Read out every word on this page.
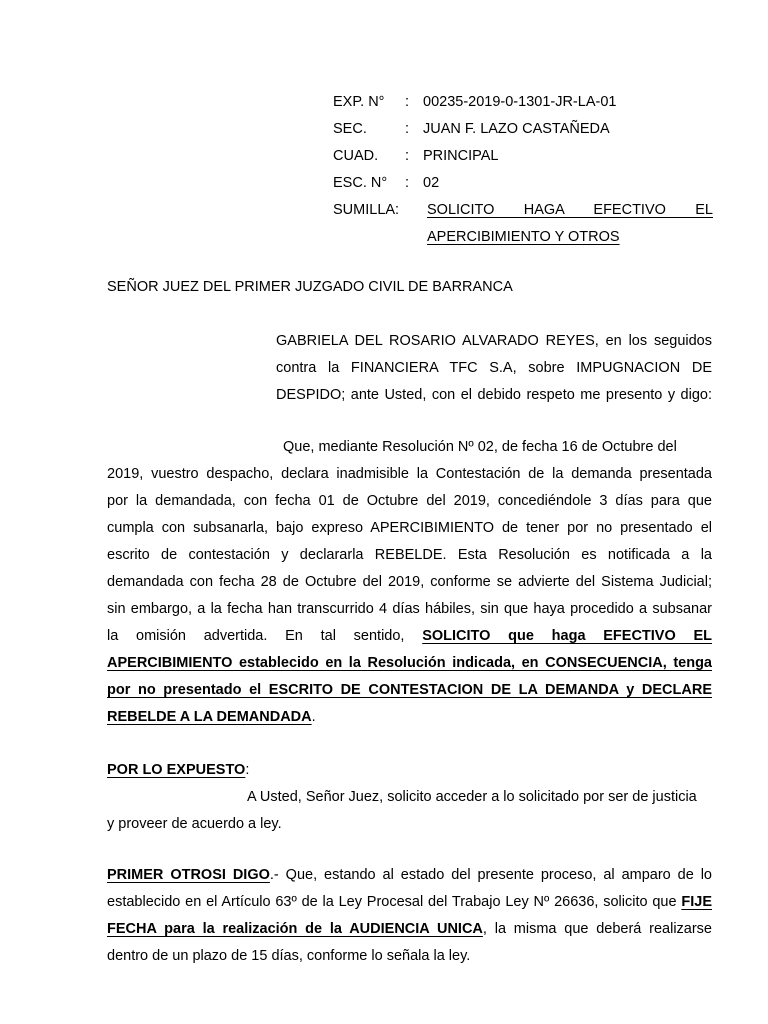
EXP. N°	: 00235-2019-0-1301-JR-LA-01
SEC.	: JUAN F. LAZO CASTAÑEDA
CUAD.	: PRINCIPAL
ESC. N°	: 02
SUMILLA:	SOLICITO HAGA EFECTIVO EL
APERCIBIMIENTO Y OTROS
SEÑOR JUEZ DEL PRIMER JUZGADO CIVIL DE BARRANCA
GABRIELA DEL ROSARIO ALVARADO REYES, en los seguidos
contra la FINANCIERA TFC S.A, sobre IMPUGNACION DE
DESPIDO; ante Usted, con el debido respeto me presento y digo:
Que, mediante Resolución Nº 02, de fecha 16 de Octubre del
2019, vuestro despacho, declara inadmisible la Contestación de la demanda presentada
por la demandada, con fecha 01 de Octubre del 2019, concediéndole 3 días para que
cumpla con subsanarla, bajo expreso APERCIBIMIENTO de tener por no presentado el
escrito de contestación y declararla REBELDE. Esta Resolución es notificada a la
demandada con fecha 28 de Octubre del 2019, conforme se advierte del Sistema Judicial;
sin embargo, a la fecha han transcurrido 4 días hábiles, sin que haya procedido a subsanar
la omisión advertida. En tal sentido, SOLICITO que haga EFECTIVO EL
APERCIBIMIENTO establecido en la Resolución indicada, en CONSECUENCIA, tenga
por no presentado el ESCRITO DE CONTESTACION DE LA DEMANDA y DECLARE
REBELDE A LA DEMANDADA.
POR LO EXPUESTO:
A Usted, Señor Juez, solicito acceder a lo solicitado por ser de justicia
y proveer de acuerdo a ley.
PRIMER OTROSI DIGO.- Que, estando al estado del presente proceso, al amparo de lo
establecido en el Artículo 63º de la Ley Procesal del Trabajo Ley Nº 26636, solicito que FIJE
FECHA para la realización de la AUDIENCIA UNICA, la misma que deberá realizarse
dentro de un plazo de 15 días, conforme lo señala la ley.
